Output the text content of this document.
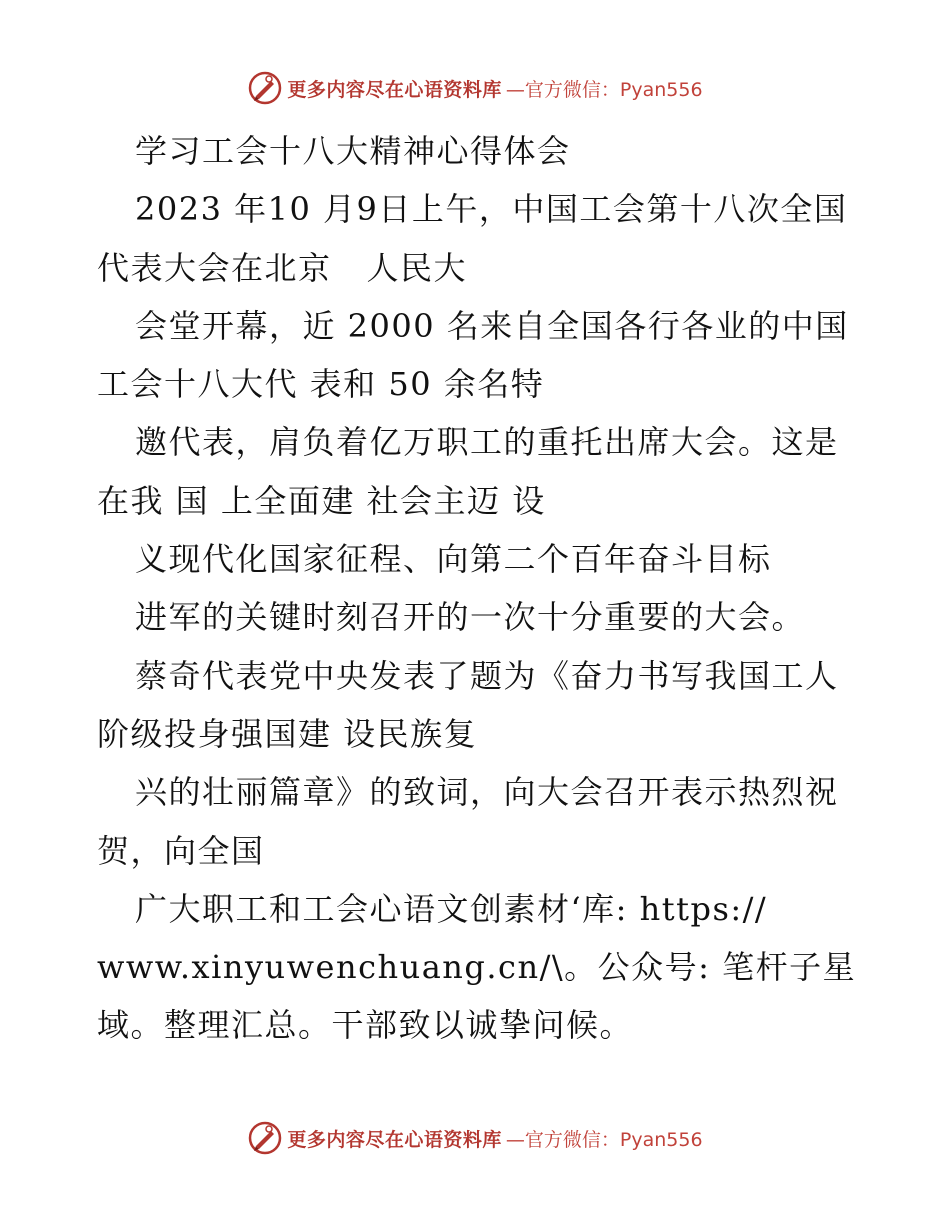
更多内容尽在心语资料库 —官方微信：Pyan556
学习工会十八大精神心得体会
2023 年10 月9日上午，中国工会第十八次全国
代表大会在北京   人民大
会堂开幕，近 2000 名来自全国各行各业的中国
工会十八大代 表和 50 余名特
邀代表，肩负着亿万职工的重托出席大会。这是
在我 国 上全面建 社会主迈 设
义现代化国家征程、向第二个百年奋斗目标
进军的关键时刻召开的一次十分重要的大会。
蔡奇代表党中央发表了题为《奋力书写我国工人
阶级投身强国建 设民族复
兴的壮丽篇章》的致词，向大会召开表示热烈祝
贺，向全国
广大职工和工会心语文创素材‘库: https://
www.xinyuwenchuang.cn/\。公众号: 笔杆子星
域。整理汇总。干部致以诚挚问候。
更多内容尽在心语资料库 —官方微信：Pyan556
